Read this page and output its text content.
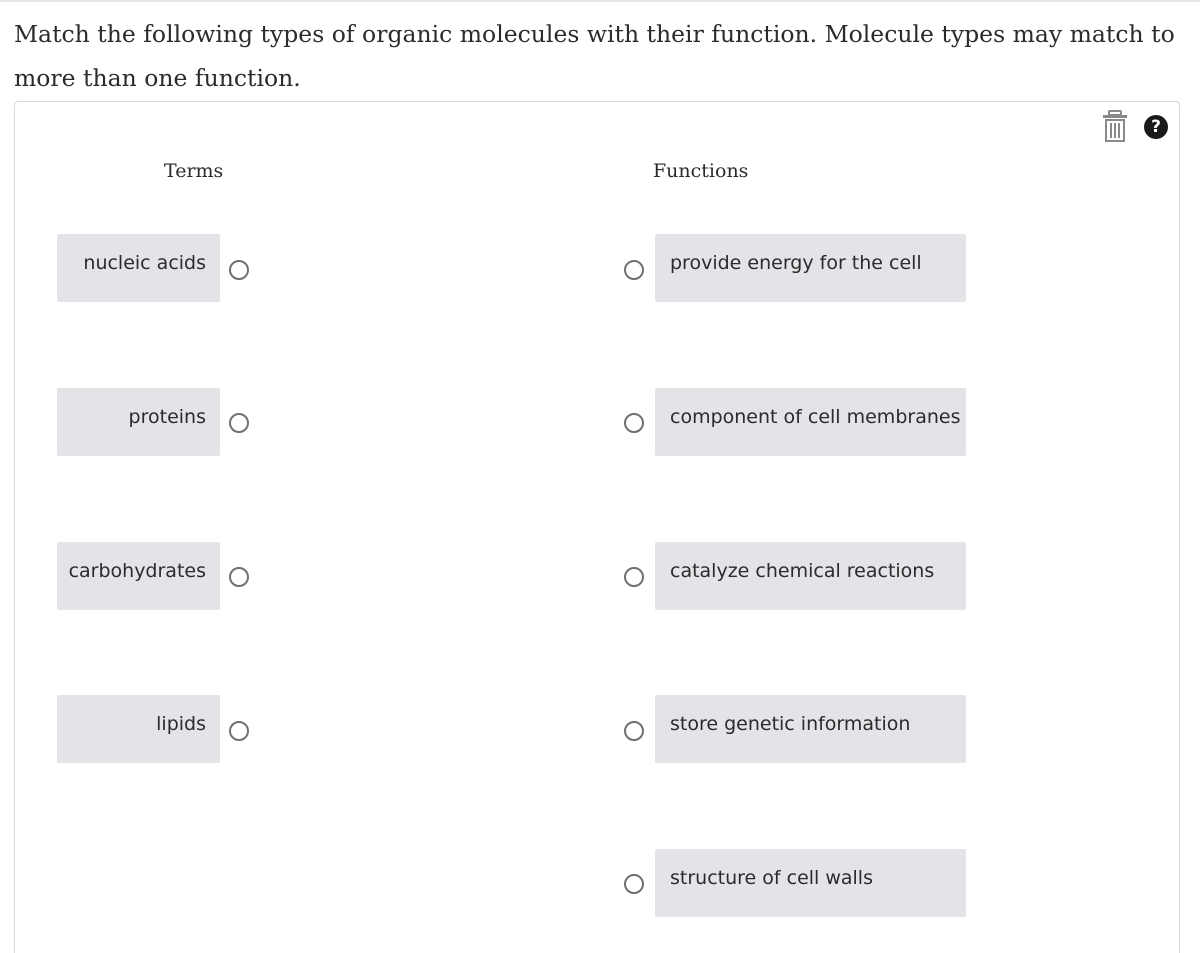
Match the following types of organic molecules with their function. Molecule types may match to more than one function.

?
Terms	Functions
nucleic acids
proteins
carbohydrates
lipids
provide energy for the cell
component of cell membranes
catalyze chemical reactions
store genetic information
structure of cell walls
